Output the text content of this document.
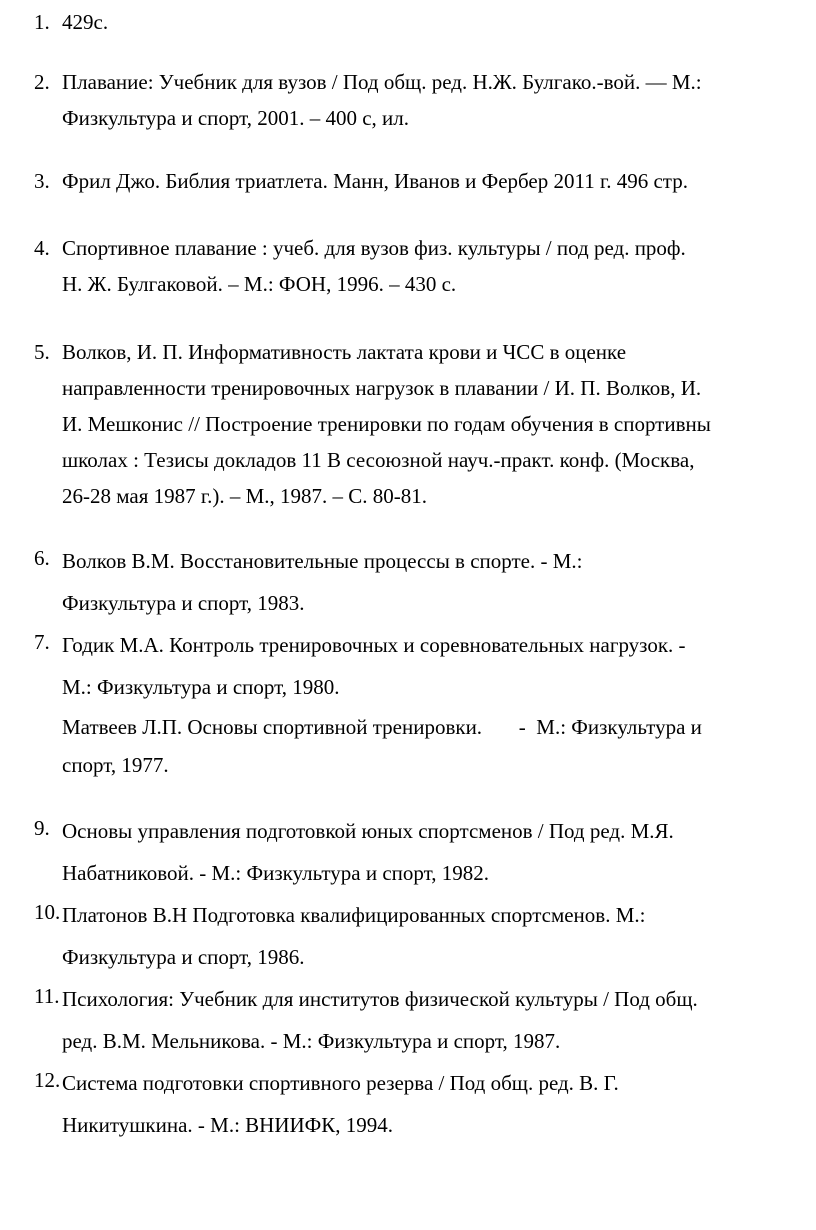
1. 429с.
2. Плавание: Учебник для вузов / Под общ. ред. Н.Ж. Булгако.-вой. — М.:
Физкультура и спорт, 2001. – 400 с, ил.
3. Фрил Джо. Библия триатлета. Манн, Иванов и Фербер 2011 г. 496 стр.
4. Спортивное плавание : учеб. для вузов физ. культуры / под ред. проф.
Н. Ж. Булгаковой. – М.: ФОН, 1996. – 430 с.
5. Волков, И. П. Информативность лактата крови и ЧСС в оценке
направленности тренировочных нагрузок в плавании / И. П. Волков, И.
И. Мешконис // Построение тренировки по годам обучения в спортивны
школах : Тезисы докладов 11 В сесоюзной науч.-практ. конф. (Москва,
26-28 мая 1987 г.). – М., 1987. – С. 80-81.
6. Волков В.М. Восстановительные процессы в спорте. - М.:
Физкультура и спорт, 1983.
7. Годик М.А. Контроль тренировочных и соревновательных нагрузок. -
М.: Физкультура и спорт, 1980.
Матвеев Л.П. Основы спортивной тренировки.       -  М.: Физкультура и
спорт, 1977.
9. Основы управления подготовкой юных спортсменов / Под ред. М.Я.
Набатниковой. - М.: Физкультура и спорт, 1982.
10. Платонов В.Н Подготовка квалифицированных спортсменов. М.:
Физкультура и спорт, 1986.
11. Психология: Учебник для институтов физической культуры / Под общ.
ред. В.М. Мельникова. - М.: Физкультура и спорт, 1987.
12. Система подготовки спортивного резерва / Под общ. ред. В. Г.
Никитушкина. - М.: ВНИИФК, 1994.
